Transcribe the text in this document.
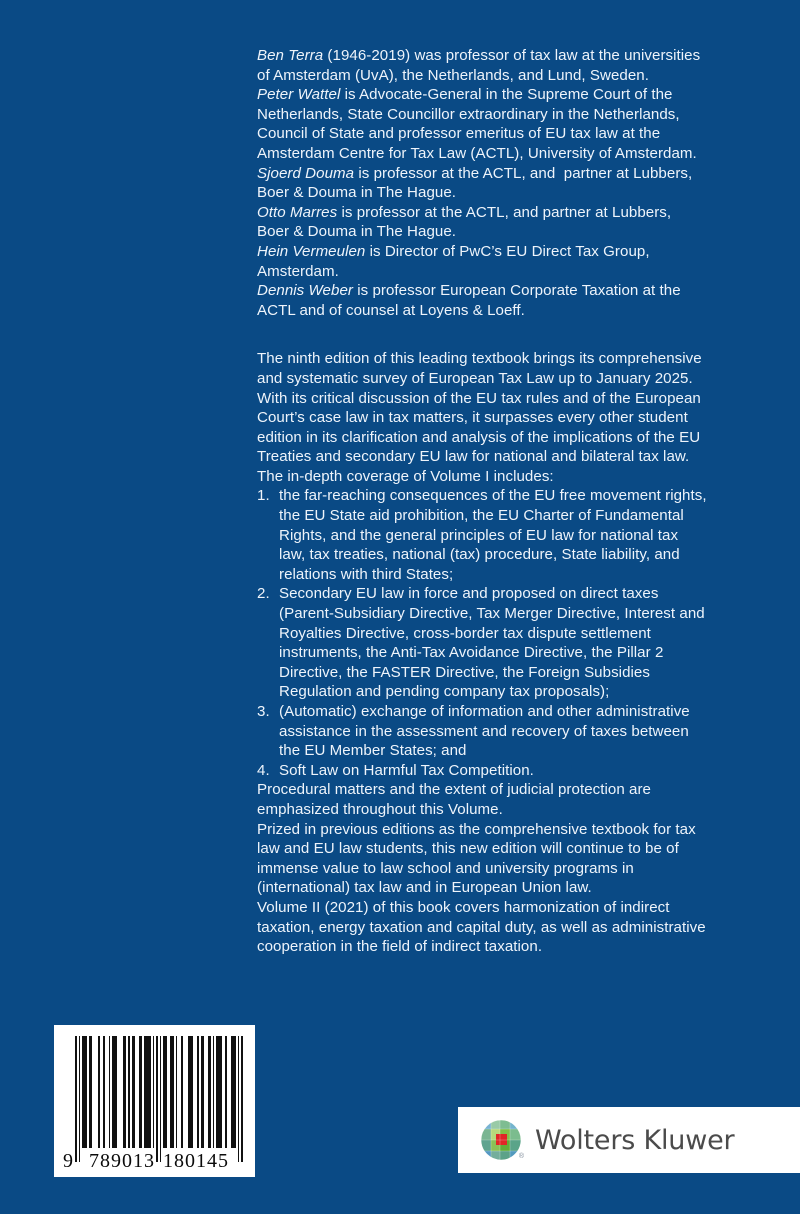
Ben Terra (1946-2019) was professor of tax law at the universities
of Amsterdam (UvA), the Netherlands, and Lund, Sweden.

Peter Wattel is Advocate-General in the Supreme Court of the
Netherlands, State Councillor extraordinary in the Netherlands,
Council of State and professor emeritus of EU tax law at the
Amsterdam Centre for Tax Law (ACTL), University of Amsterdam.

Sjoerd Douma is professor at the ACTL, and  partner at Lubbers,
Boer & Douma in The Hague.

Otto Marres is professor at the ACTL, and partner at Lubbers,
Boer & Douma in The Hague.

Hein Vermeulen is Director of PwC’s EU Direct Tax Group,
Amsterdam.

Dennis Weber is professor European Corporate Taxation at the
ACTL and of counsel at Loyens & Loeff.

The ninth edition of this leading textbook brings its comprehensive
and systematic survey of European Tax Law up to January 2025.
With its critical discussion of the EU tax rules and of the European
Court’s case law in tax matters, it surpasses every other student
edition in its clarification and analysis of the implications of the EU
Treaties and secondary EU law for national and bilateral tax law.
The in-depth coverage of Volume I includes:

1. the far-reaching consequences of the EU free movement rights,
the EU State aid prohibition, the EU Charter of Fundamental
Rights, and the general principles of EU law for national tax
law, tax treaties, national (tax) procedure, State liability, and
relations with third States;
2. Secondary EU law in force and proposed on direct taxes
(Parent-Subsidiary Directive, Tax Merger Directive, Interest and
Royalties Directive, cross-border tax dispute settlement
instruments, the Anti-Tax Avoidance Directive, the Pillar 2
Directive, the FASTER Directive, the Foreign Subsidies
Regulation and pending company tax proposals);
3. (Automatic) exchange of information and other administrative
assistance in the assessment and recovery of taxes between
the EU Member States; and
4. Soft Law on Harmful Tax Competition.

Procedural matters and the extent of judicial protection are
emphasized throughout this Volume.
Prized in previous editions as the comprehensive textbook for tax
law and EU law students, this new edition will continue to be of
immense value to law school and university programs in
(international) tax law and in European Union law.
Volume II (2021) of this book covers harmonization of indirect
taxation, energy taxation and capital duty, as well as administrative
cooperation in the field of indirect taxation.

9 789013 180145	®
Wolters Kluwer
